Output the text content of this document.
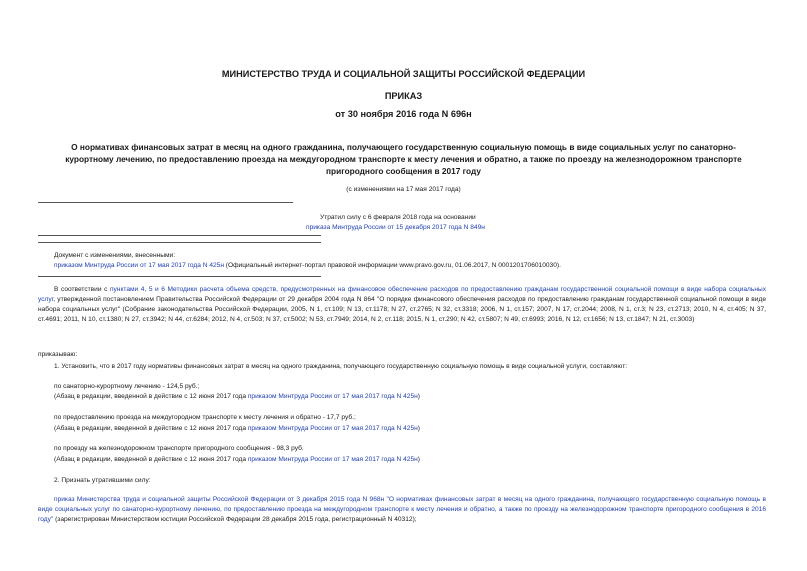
МИНИСТЕРСТВО ТРУДА И СОЦИАЛЬНОЙ ЗАЩИТЫ РОССИЙСКОЙ ФЕДЕРАЦИИ
ПРИКАЗ
от 30 ноября 2016 года N 696н
О нормативах финансовых затрат в месяц на одного гражданина, получающего государственную социальную помощь в виде социальных услуг по санаторно-
курортному лечению, по предоставлению проезда на междугородном транспорте к месту лечения и обратно, а также по проезду на железнодорожном транспорте
пригородного сообщения в 2017 году
(с изменениями на 17 мая 2017 года)
Утратил силу с 6 февраля 2018 года на основании
приказа Минтруда России от 15 декабря 2017 года N 849н
Документ с изменениями, внесенными:
приказом Минтруда России от 17 мая 2017 года N 425н (Официальный интернет-портал правовой информации www.pravo.gov.ru, 01.06.2017, N 0001201706010030).
В соответствии с пунктами 4, 5 и 6 Методики расчета объема средств, предусмотренных на финансовое обеспечение расходов по предоставлению гражданам государственной социальной помощи в виде набора социальных услуг, утвержденной постановлением Правительства Российской Федерации от 29 декабря 2004 года N 864 "О порядке финансового обеспечения расходов по предоставлению гражданам государственной социальной помощи в виде набора социальных услуг" (Собрание законодательства Российской Федерации, 2005, N 1, ст.109; N 13, ст.1178; N 27, ст.2765; N 32, ст.3318; 2006, N 1, ст.157; 2007, N 17, ст.2044; 2008, N 1, ст.3; N 23, ст.2713; 2010, N 4, ст.405; N 37, ст.4691; 2011, N 10, ст.1380; N 27, ст.3942; N 44, ст.6284; 2012, N 4, ст.503; N 37, ст.5002; N 53, ст.7949; 2014, N 2, ст.118; 2015, N 1, ст.290; N 42, ст.5807; N 49, ст.6993; 2016, N 12, ст.1656; N 13, ст.1847; N 21, ст.3003)
приказываю:
1. Установить, что в 2017 году нормативы финансовых затрат в месяц на одного гражданина, получающего государственную социальную помощь в виде социальной услуги, составляют:
по санаторно-курортному лечению - 124,5 руб.;
(Абзац в редакции, введенной в действие с 12 июня 2017 года приказом Минтруда России от 17 мая 2017 года N 425н)
по предоставлению проезда на междугородном транспорте к месту лечения и обратно - 17,7 руб.;
(Абзац в редакции, введенной в действие с 12 июня 2017 года приказом Минтруда России от 17 мая 2017 года N 425н)
по проезду на железнодорожном транспорте пригородного сообщения - 98,3 руб.
(Абзац в редакции, введенной в действие с 12 июня 2017 года приказом Минтруда России от 17 мая 2017 года N 425н)
2. Признать утратившими силу:
приказ Министерства труда и социальной защиты Российской Федерации от 3 декабря 2015 года N 968н "О нормативах финансовых затрат в месяц на одного гражданина, получающего государственную социальную помощь в виде социальных услуг по санаторно-курортному лечению, по предоставлению проезда на междугородном транспорте к месту лечения и обратно, а также по проезду на железнодорожном транспорте пригородного сообщения в 2016 году" (зарегистрирован Министерством юстиции Российской Федерации 28 декабря 2015 года, регистрационный N 40312);
